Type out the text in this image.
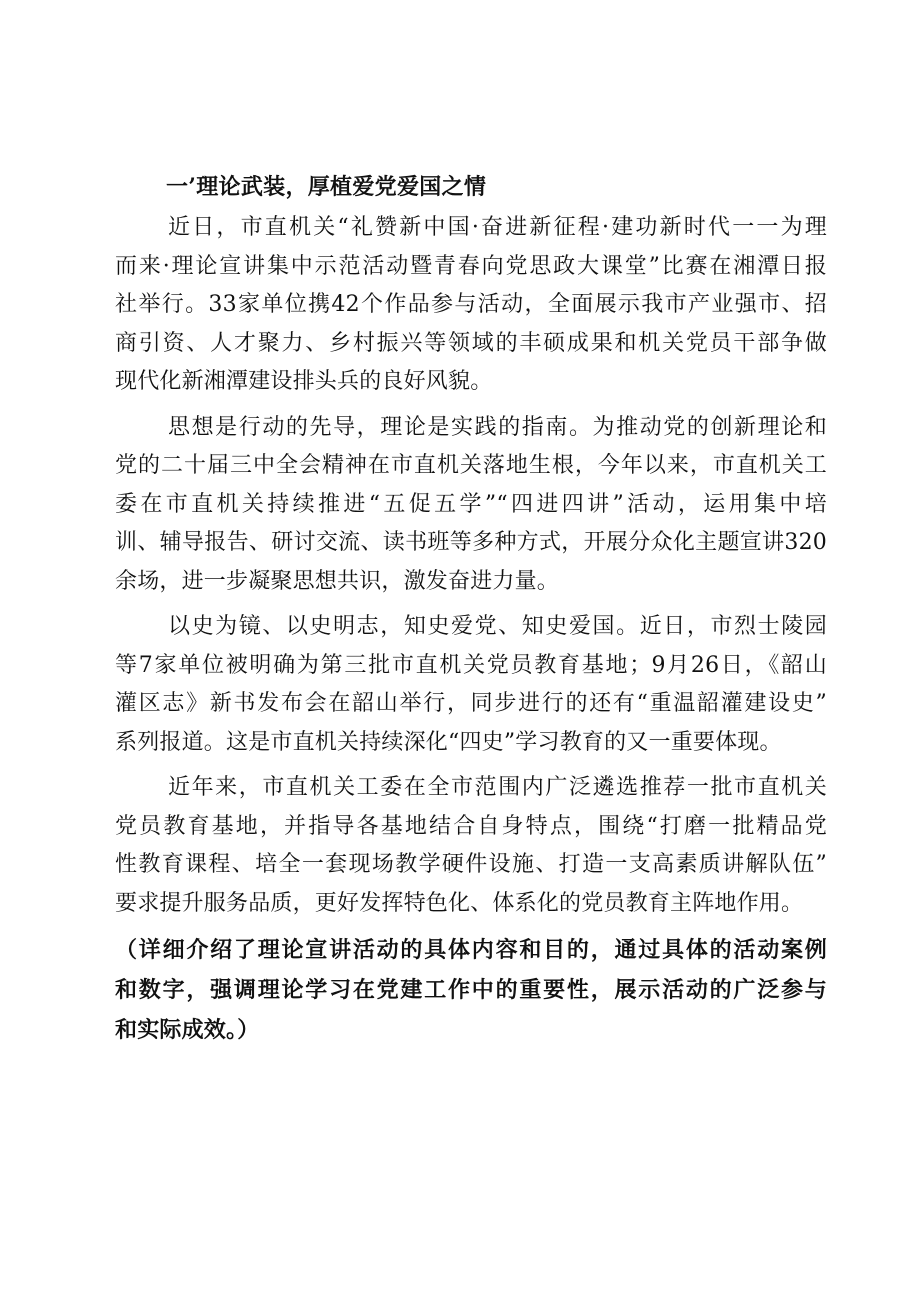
一’理论武装，厚植爱党爱国之情
近日，市直机关“礼赞新中国·奋进新征程·建功新时代一一为理
而来·理论宣讲集中示范活动暨青春向党思政大课堂”比赛在湘潭日报
社举行。33家单位携42个作品参与活动，全面展示我市产业强市、招
商引资、人才聚力、乡村振兴等领域的丰硕成果和机关党员干部争做
现代化新湘潭建设排头兵的良好风貌。
思想是行动的先导，理论是实践的指南。为推动党的创新理论和
党的二十届三中全会精神在市直机关落地生根，今年以来，市直机关工
委在市直机关持续推进“五促五学”“四进四讲”活动，运用集中培
训、辅导报告、研讨交流、读书班等多种方式，开展分众化主题宣讲320
余场，进一步凝聚思想共识，激发奋进力量。
以史为镜、以史明志，知史爱党、知史爱国。近日，市烈士陵园
等7家单位被明确为第三批市直机关党员教育基地；9月26日，《韶山
灌区志》新书发布会在韶山举行，同步进行的还有“重温韶灌建设史”
系列报道。这是市直机关持续深化“四史”学习教育的又一重要体现。
近年来，市直机关工委在全市范围内广泛遴选推荐一批市直机关
党员教育基地，并指导各基地结合自身特点，围绕“打磨一批精品党
性教育课程、培全一套现场教学硬件设施、打造一支高素质讲解队伍”
要求提升服务品质，更好发挥特色化、体系化的党员教育主阵地作用。
（详细介绍了理论宣讲活动的具体内容和目的，通过具体的活动案例
和数字，强调理论学习在党建工作中的重要性，展示活动的广泛参与
和实际成效。）
